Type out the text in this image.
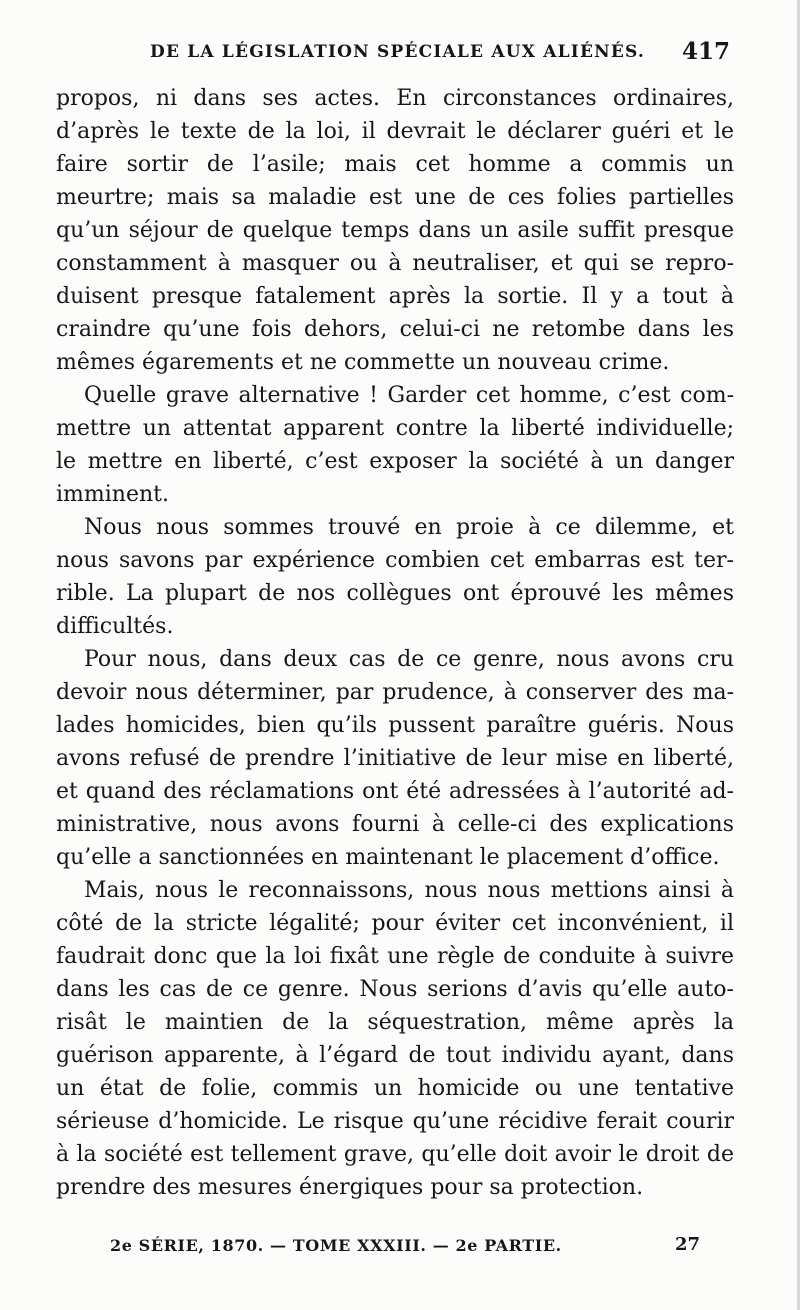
DE LA LÉGISLATION SPÉCIALE AUX ALIÉNÉS. 417
propos, ni dans ses actes. En circonstances ordinaires,
d’après le texte de la loi, il devrait le déclarer guéri et le
faire sortir de l’asile; mais cet homme a commis un
meurtre; mais sa maladie est une de ces folies partielles
qu’un séjour de quelque temps dans un asile suffit presque
constamment à masquer ou à neutraliser, et qui se repro-
duisent presque fatalement après la sortie. Il y a tout à
craindre qu’une fois dehors, celui-ci ne retombe dans les
mêmes égarements et ne commette un nouveau crime.
Quelle grave alternative ! Garder cet homme, c’est com-
mettre un attentat apparent contre la liberté individuelle;
le mettre en liberté, c’est exposer la société à un danger
imminent.
Nous nous sommes trouvé en proie à ce dilemme, et
nous savons par expérience combien cet embarras est ter-
rible. La plupart de nos collègues ont éprouvé les mêmes
difficultés.
Pour nous, dans deux cas de ce genre, nous avons cru
devoir nous déterminer, par prudence, à conserver des ma-
lades homicides, bien qu’ils pussent paraître guéris. Nous
avons refusé de prendre l’initiative de leur mise en liberté,
et quand des réclamations ont été adressées à l’autorité ad-
ministrative, nous avons fourni à celle-ci des explications
qu’elle a sanctionnées en maintenant le placement d’office.
Mais, nous le reconnaissons, nous nous mettions ainsi à
côté de la stricte légalité; pour éviter cet inconvénient, il
faudrait donc que la loi fixât une règle de conduite à suivre
dans les cas de ce genre. Nous serions d’avis qu’elle auto-
risât le maintien de la séquestration, même après la
guérison apparente, à l’égard de tout individu ayant, dans
un état de folie, commis un homicide ou une tentative
sérieuse d’homicide. Le risque qu’une récidive ferait courir
à la société est tellement grave, qu’elle doit avoir le droit de
prendre des mesures énergiques pour sa protection.
2e SÉRIE, 1870. — TOME XXXIII. — 2e PARTIE.	27
